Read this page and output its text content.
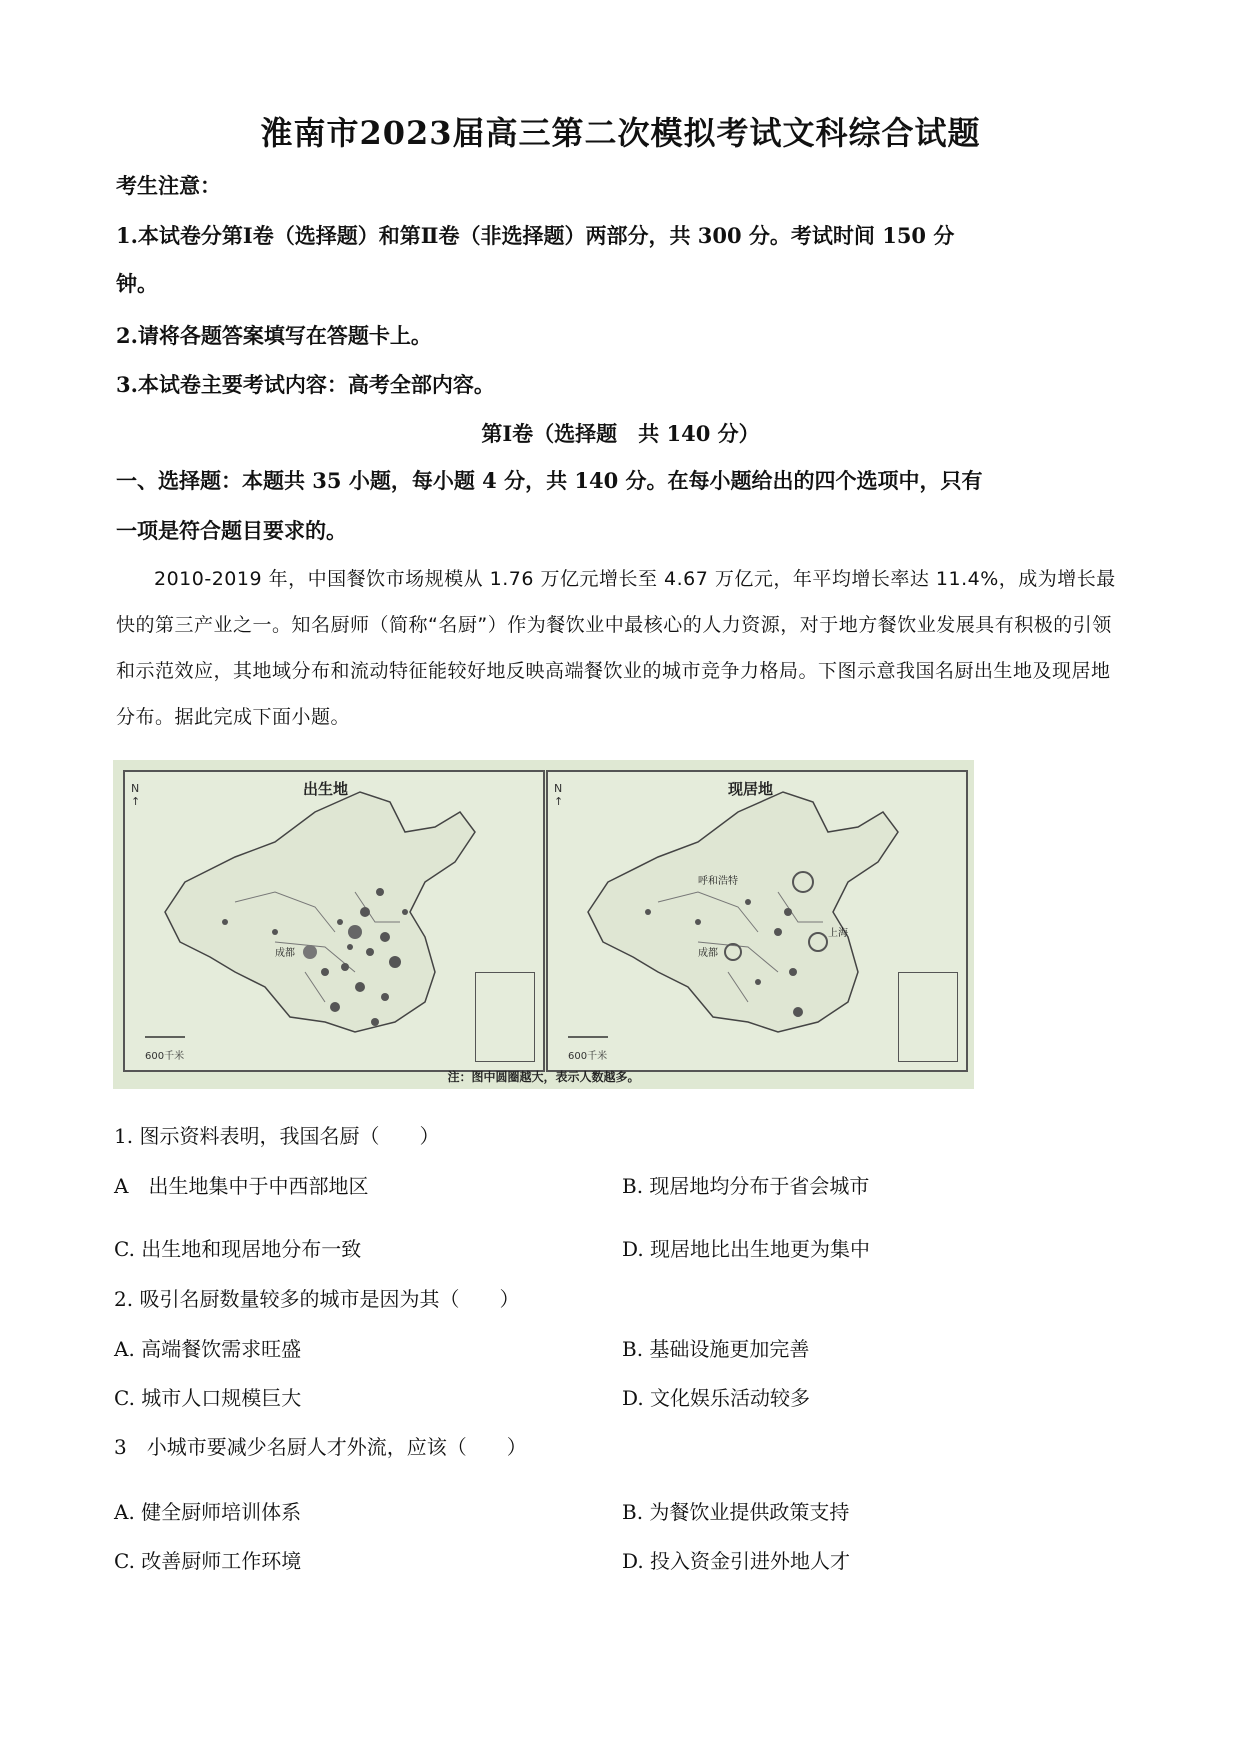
淮南市2023届高三第二次模拟考试文科综合试题
考生注意：
1.本试卷分第Ⅰ卷（选择题）和第Ⅱ卷（非选择题）两部分，共 300 分。考试时间 150 分
钟。
2.请将各题答案填写在答题卡上。
3.本试卷主要考试内容：高考全部内容。
第Ⅰ卷（选择题　共 140 分）
一、选择题：本题共 35 小题，每小题 4 分，共 140 分。在每小题给出的四个选项中，只有
一项是符合题目要求的。
2010-2019 年，中国餐饮市场规模从 1.76 万亿元增长至 4.67 万亿元，年平均增长率达 11.4%，成为增长最快的第三产业之一。知名厨师（简称“名厨”）作为餐饮业中最核心的人力资源，对于地方餐饮业发展具有积极的引领和示范效应，其地域分布和流动特征能较好地反映高端餐饮业的城市竞争力格局。下图示意我国名厨出生地及现居地分布。据此完成下面小题。
出生地
N
↑
成都
600千米
现居地
N
↑
呼和浩特
成都
上海
600千米
注：图中圆圈越大，表示人数越多。
1. 图示资料表明，我国名厨（　　）
A　出生地集中于中西部地区	B. 现居地均分布于省会城市
C. 出生地和现居地分布一致	D. 现居地比出生地更为集中
2. 吸引名厨数量较多的城市是因为其（　　）
A. 高端餐饮需求旺盛	B. 基础设施更加完善
C. 城市人口规模巨大	D. 文化娱乐活动较多
3　小城市要减少名厨人才外流，应该（　　）
A. 健全厨师培训体系	B. 为餐饮业提供政策支持
C. 改善厨师工作环境	D. 投入资金引进外地人才
